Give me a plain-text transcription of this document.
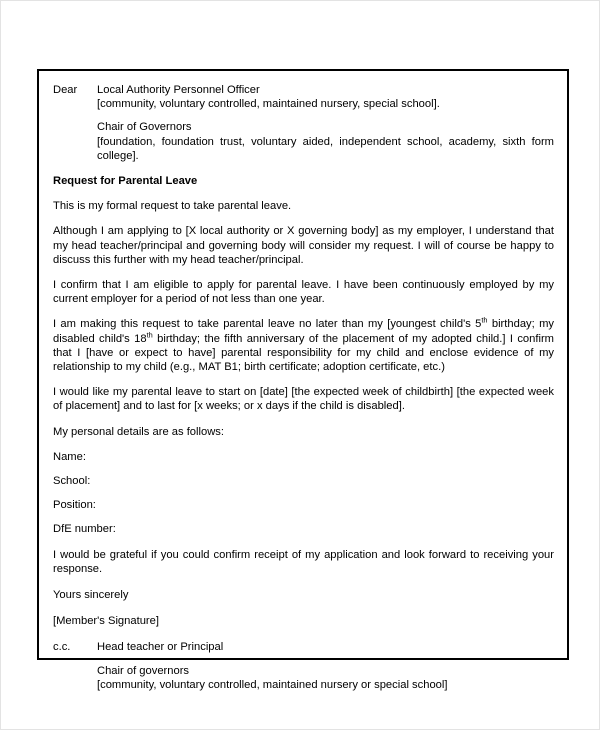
Dear	Local Authority Personnel Officer
[community, voluntary controlled, maintained nursery, special school].
Chair of Governors
[foundation, foundation trust, voluntary aided, independent school, academy, sixth form college].
Request for Parental Leave

This is my formal request to take parental leave.

Although I am applying to [X local authority or X governing body] as my employer, I understand that my head teacher/principal and governing body will consider my request. I will of course be happy to discuss this further with my head teacher/principal.

I confirm that I am eligible to apply for parental leave. I have been continuously employed by my current employer for a period of not less than one year.

I am making this request to take parental leave no later than my [youngest child's 5th birthday; my disabled child's 18th birthday; the fifth anniversary of the placement of my adopted child.] I confirm that I [have or expect to have] parental responsibility for my child and enclose evidence of my relationship to my child (e.g., MAT B1; birth certificate; adoption certificate, etc.)

I would like my parental leave to start on [date] [the expected week of childbirth] [the expected week of placement] and to last for [x weeks; or x days if the child is disabled].

My personal details are as follows:

Name:
School:
Position:
DfE number:

I would be grateful if you could confirm receipt of my application and look forward to receiving your response.

Yours sincerely

[Member's Signature]

c.c.	Head teacher or Principal
Chair of governors
[community, voluntary controlled, maintained nursery or special school]
